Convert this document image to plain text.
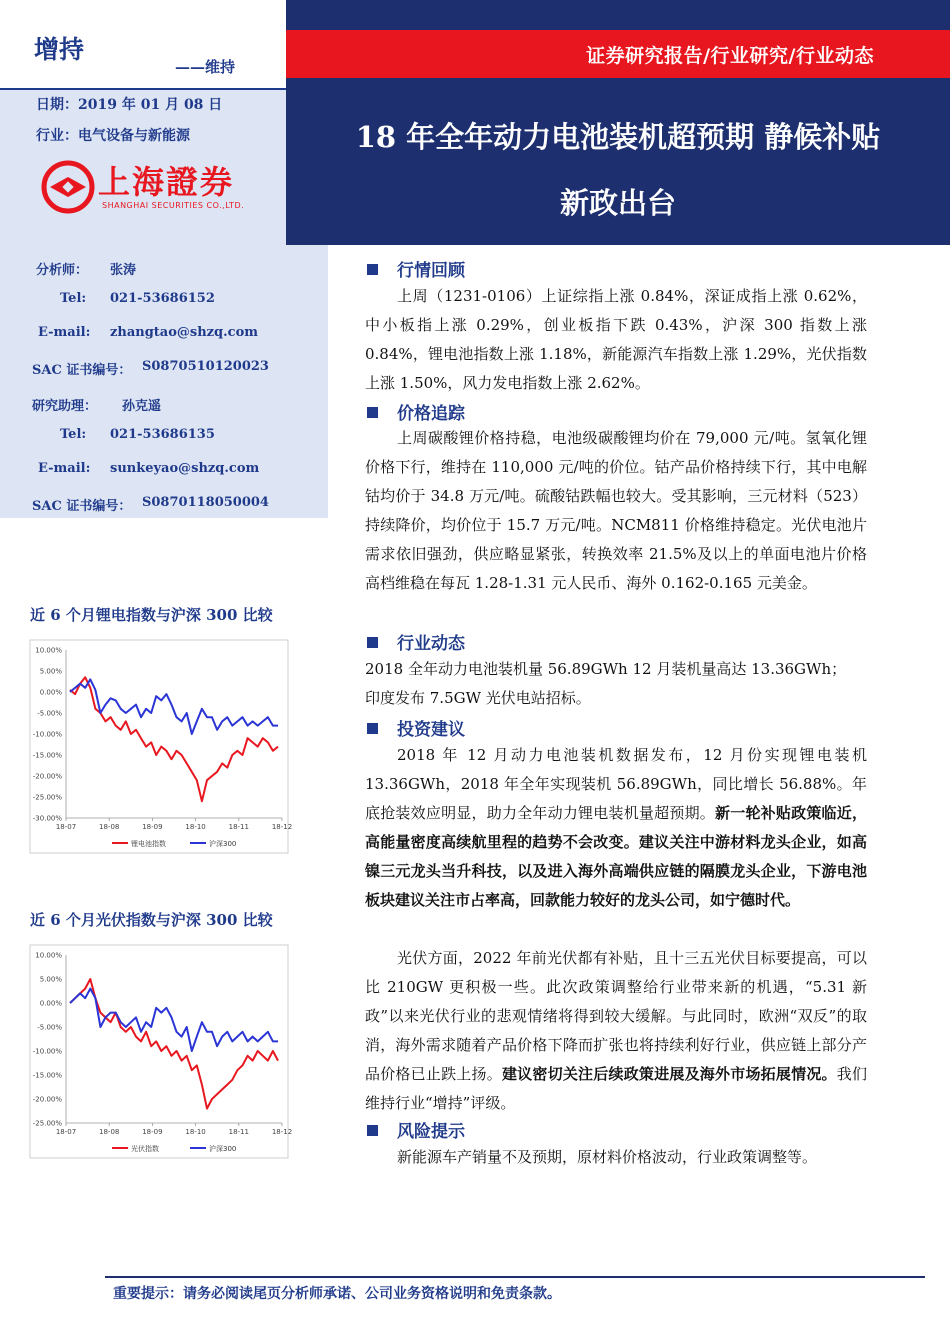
增持
——维持	证券研究报告/行业研究/行业动态
18 年全年动力电池装机超预期 静候补贴
新政出台
日期：2019 年 01 月 08 日
行业：电气设备与新能源
上海證券
SHANGHAI SECURITIES CO.,LTD.
分析师： 张涛
Tel: 021-53686152
E-mail: zhangtao@shzq.com
SAC 证书编号： S0870510120023
研究助理： 孙克遥
Tel: 021-53686135
E-mail: sunkeyao@shzq.com
SAC 证书编号： S0870118050004
近 6 个月锂电指数与沪深 300 比较
10.00%
5.00%
0.00%
-5.00%
-10.00%
-15.00%
-20.00%
-25.00%
-30.00%
18-07	18-08	18-09	18-10	18-11	18-12
锂电池指数	沪深300
近 6 个月光伏指数与沪深 300 比较
10.00%
5.00%
0.00%
-5.00%
-10.00%
-15.00%
-20.00%
-25.00%
18-07	18-08	18-09	18-10	18-11	18-12
光伏指数	沪深300
行情回顾
上周（1231-0106）上证综指上涨 0.84%，深证成指上涨 0.62%，中小板指上涨 0.29%，创业板指下跌 0.43%，沪深 300 指数上涨 0.84%，锂电池指数上涨 1.18%，新能源汽车指数上涨 1.29%，光伏指数上涨 1.50%，风力发电指数上涨 2.62%。
价格追踪
上周碳酸锂价格持稳，电池级碳酸锂均价在 79,000 元/吨。氢氧化锂价格下行，维持在 110,000 元/吨的价位。钴产品价格持续下行，其中电解钴均价于 34.8 万元/吨。硫酸钴跌幅也较大。受其影响，三元材料（523）持续降价，均价位于 15.7 万元/吨。NCM811 价格维持稳定。光伏电池片需求依旧强劲，供应略显紧张，转换效率 21.5%及以上的单面电池片价格高档维稳在每瓦 1.28-1.31 元人民币、海外 0.162-0.165 元美金。
行业动态
2018 全年动力电池装机量 56.89GWh 12 月装机量高达 13.36GWh；
印度发布 7.5GW 光伏电站招标。
投资建议
2018 年 12 月动力电池装机数据发布，12 月份实现锂电装机 13.36GWh，2018 年全年实现装机 56.89GWh，同比增长 56.88%。年底抢装效应明显，助力全年动力锂电装机量超预期。新一轮补贴政策临近，高能量密度高续航里程的趋势不会改变。建议关注中游材料龙头企业，如高镍三元龙头当升科技，以及进入海外高端供应链的隔膜龙头企业，下游电池板块建议关注市占率高，回款能力较好的龙头公司，如宁德时代。
光伏方面，2022 年前光伏都有补贴，且十三五光伏目标要提高，可以比 210GW 更积极一些。此次政策调整给行业带来新的机遇，“5.31 新政”以来光伏行业的悲观情绪将得到较大缓解。与此同时，欧洲“双反”的取消，海外需求随着产品价格下降而扩张也将持续利好行业，供应链上部分产品价格已止跌上扬。建议密切关注后续政策进展及海外市场拓展情况。我们维持行业“增持”评级。
风险提示
新能源车产销量不及预期，原材料价格波动，行业政策调整等。
重要提示：请务必阅读尾页分析师承诺、公司业务资格说明和免责条款。
